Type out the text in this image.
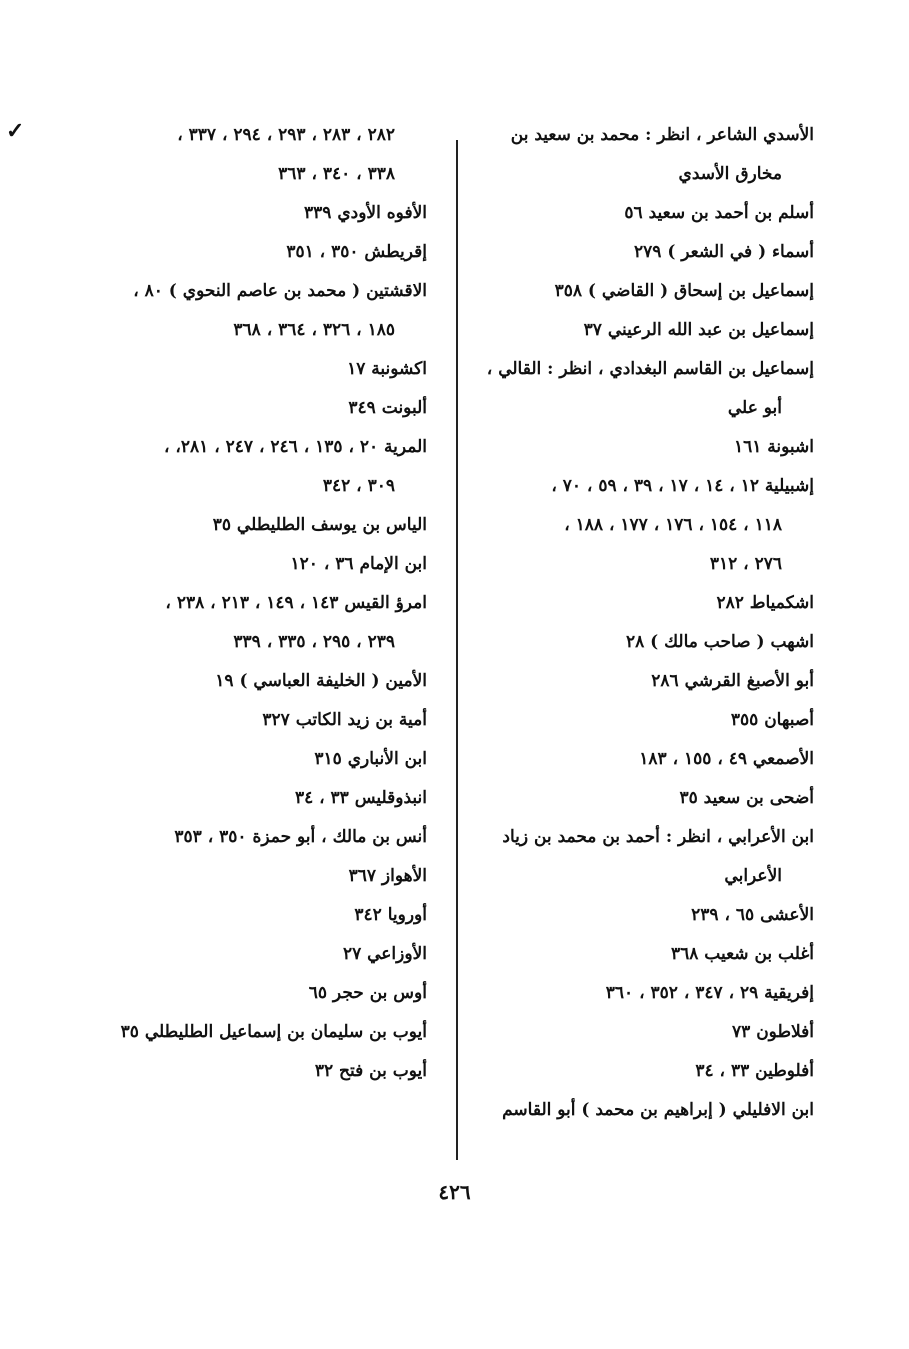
✓	الأسدي الشاعر ، انظر : محمد بن سعيد بن
مخارق الأسدي
أسلم بن أحمد بن سعيد ٥٦
أسماء ( في الشعر ) ٢٧٩
إسماعيل بن إسحاق ( القاضي ) ٣٥٨
إسماعيل بن عبد الله الرعيني ٣٧
إسماعيل بن القاسم البغدادي ، انظر : القالي ،
أبو علي
اشبونة ١٦١
إشبيلية ١٢ ، ١٤ ، ١٧ ، ٣٩ ، ٥٩ ، ٧٠ ،
١١٨ ، ١٥٤ ، ١٧٦ ، ١٧٧ ، ١٨٨ ،
٢٧٦ ، ٣١٢
اشكمياط ٢٨٢
اشهب ( صاحب مالك ) ٢٨
أبو الأصبغ القرشي ٢٨٦
أصبهان ٣٥٥
الأصمعي ٤٩ ، ١٥٥ ، ١٨٣
أضحى بن سعيد ٣٥
ابن الأعرابي ، انظر : أحمد بن محمد بن زياد
الأعرابي
الأعشى ٦٥ ، ٢٣٩
أغلب بن شعيب ٣٦٨
إفريقية ٢٩ ، ٣٤٧ ، ٣٥٢ ، ٣٦٠
أفلاطون ٧٣
أفلوطين ٣٣ ، ٣٤
ابن الافليلي ( إبراهيم بن محمد ) أبو القاسم
٢٨٢ ، ٢٨٣ ، ٢٩٣ ، ٢٩٤ ، ٣٣٧ ،
٣٣٨ ، ٣٤٠ ، ٣٦٣
الأفوه الأودي ٣٣٩
إقريطش ٣٥٠ ، ٣٥١
الاقشتين ( محمد بن عاصم النحوي ) ٨٠ ،
١٨٥ ، ٣٢٦ ، ٣٦٤ ، ٣٦٨
اكشونبة ١٧
ألبونت ٣٤٩
المرية ٢٠ ، ١٣٥ ، ٢٤٦ ، ٢٤٧ ، ٢٨١، ،
٣٠٩ ، ٣٤٢
الياس بن يوسف الطليطلي ٣٥
ابن الإمام ٣٦ ، ١٢٠
امرؤ القيس ١٤٣ ، ١٤٩ ، ٢١٣ ، ٢٣٨ ،
٢٣٩ ، ٢٩٥ ، ٣٣٥ ، ٣٣٩
الأمين ( الخليفة العباسي ) ١٩
أمية بن زيد الكاتب ٣٢٧
ابن الأنباري ٣١٥
انبذوقليس ٣٣ ، ٣٤
أنس بن مالك ، أبو حمزة ٣٥٠ ، ٣٥٣
الأهواز ٣٦٧
أورويا ٣٤٢
الأوزاعي ٢٧
أوس بن حجر ٦٥
أيوب بن سليمان بن إسماعيل الطليطلي ٣٥
أيوب بن فتح ٣٢
٤٢٦
